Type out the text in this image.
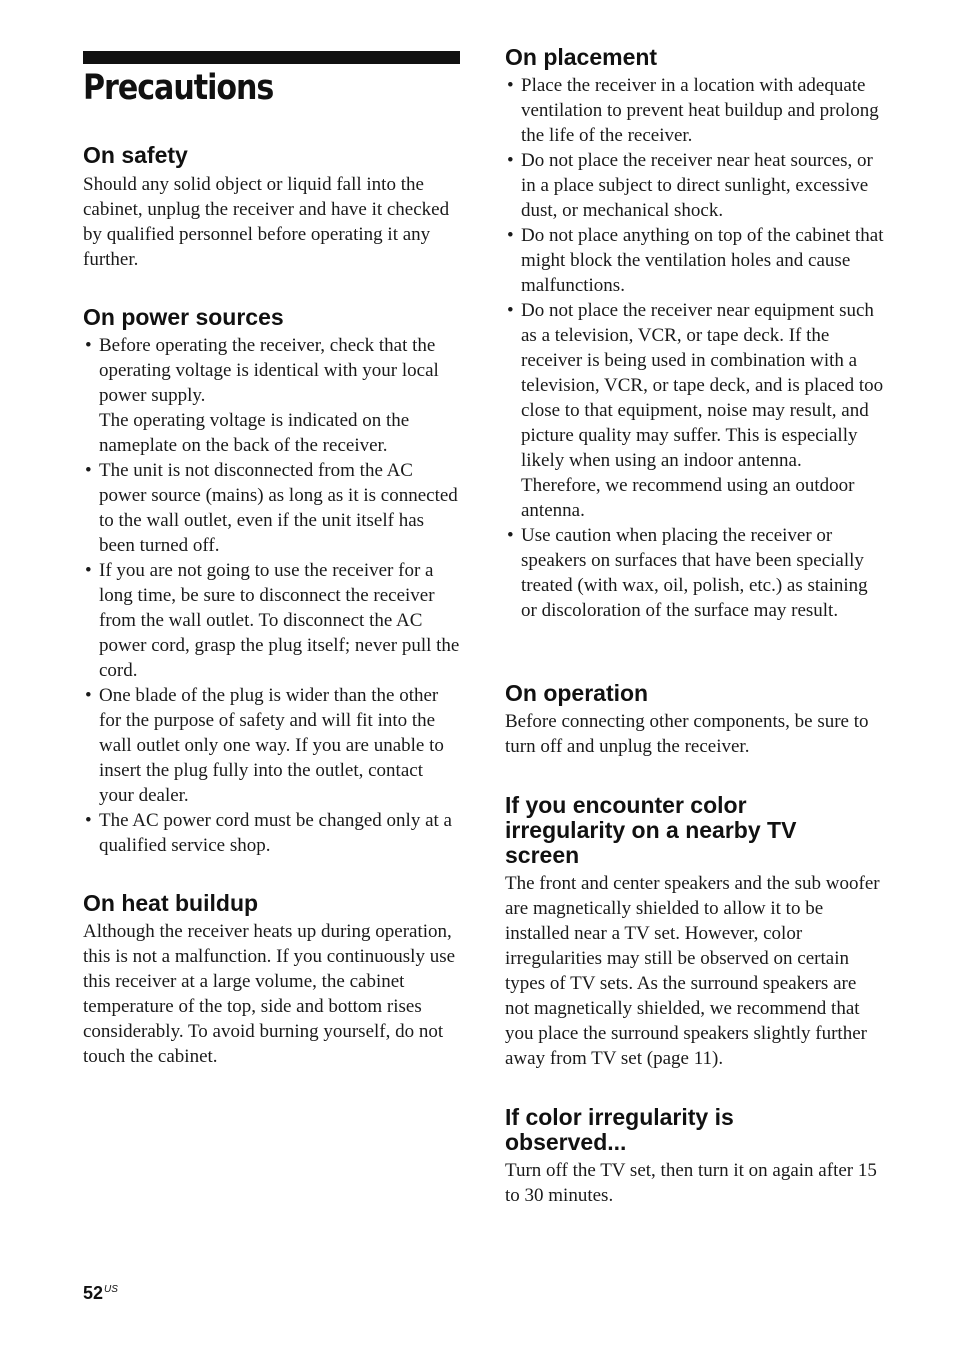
Precautions
On safety

Should any solid object or liquid fall into the cabinet, unplug the receiver and have it checked by qualified personnel before operating it any further.

On power sources
• Before operating the receiver, check that the operating voltage is identical with your local power supply.
The operating voltage is indicated on the nameplate on the back of the receiver.
• The unit is not disconnected from the AC power source (mains) as long as it is connected to the wall outlet, even if the unit itself has been turned off.
• If you are not going to use the receiver for a long time, be sure to disconnect the receiver from the wall outlet. To disconnect the AC power cord, grasp the plug itself; never pull the cord.
• One blade of the plug is wider than the other for the purpose of safety and will fit into the wall outlet only one way. If you are unable to insert the plug fully into the outlet, contact your dealer.
• The AC power cord must be changed only at a qualified service shop.
On heat buildup

Although the receiver heats up during operation, this is not a malfunction. If you continuously use this receiver at a large volume, the cabinet temperature of the top, side and bottom rises considerably. To avoid burning yourself, do not touch the cabinet.

On placement
• Place the receiver in a location with adequate ventilation to prevent heat buildup and prolong the life of the receiver.
• Do not place the receiver near heat sources, or in a place subject to direct sunlight, excessive dust, or mechanical shock.
• Do not place anything on top of the cabinet that might block the ventilation holes and cause malfunctions.
• Do not place the receiver near equipment such as a television, VCR, or tape deck. If the receiver is being used in combination with a television, VCR, or tape deck, and is placed too close to that equipment, noise may result, and picture quality may suffer. This is especially likely when using an indoor antenna. Therefore, we recommend using an outdoor antenna.
• Use caution when placing the receiver or speakers on surfaces that have been specially treated (with wax, oil, polish, etc.) as staining or discoloration of the surface may result.
On operation

Before connecting other components, be sure to turn off and unplug the receiver.

If you encounter color irregularity on a nearby TV screen

The front and center speakers and the sub woofer are magnetically shielded to allow it to be installed near a TV set. However, color irregularities may still be observed on certain types of TV sets. As the surround speakers are not magnetically shielded, we recommend that you place the surround speakers slightly further away from TV set (page 11).

If color irregularity is observed...

Turn off the TV set, then turn it on again after 15 to 30 minutes.

$52^{US}$
